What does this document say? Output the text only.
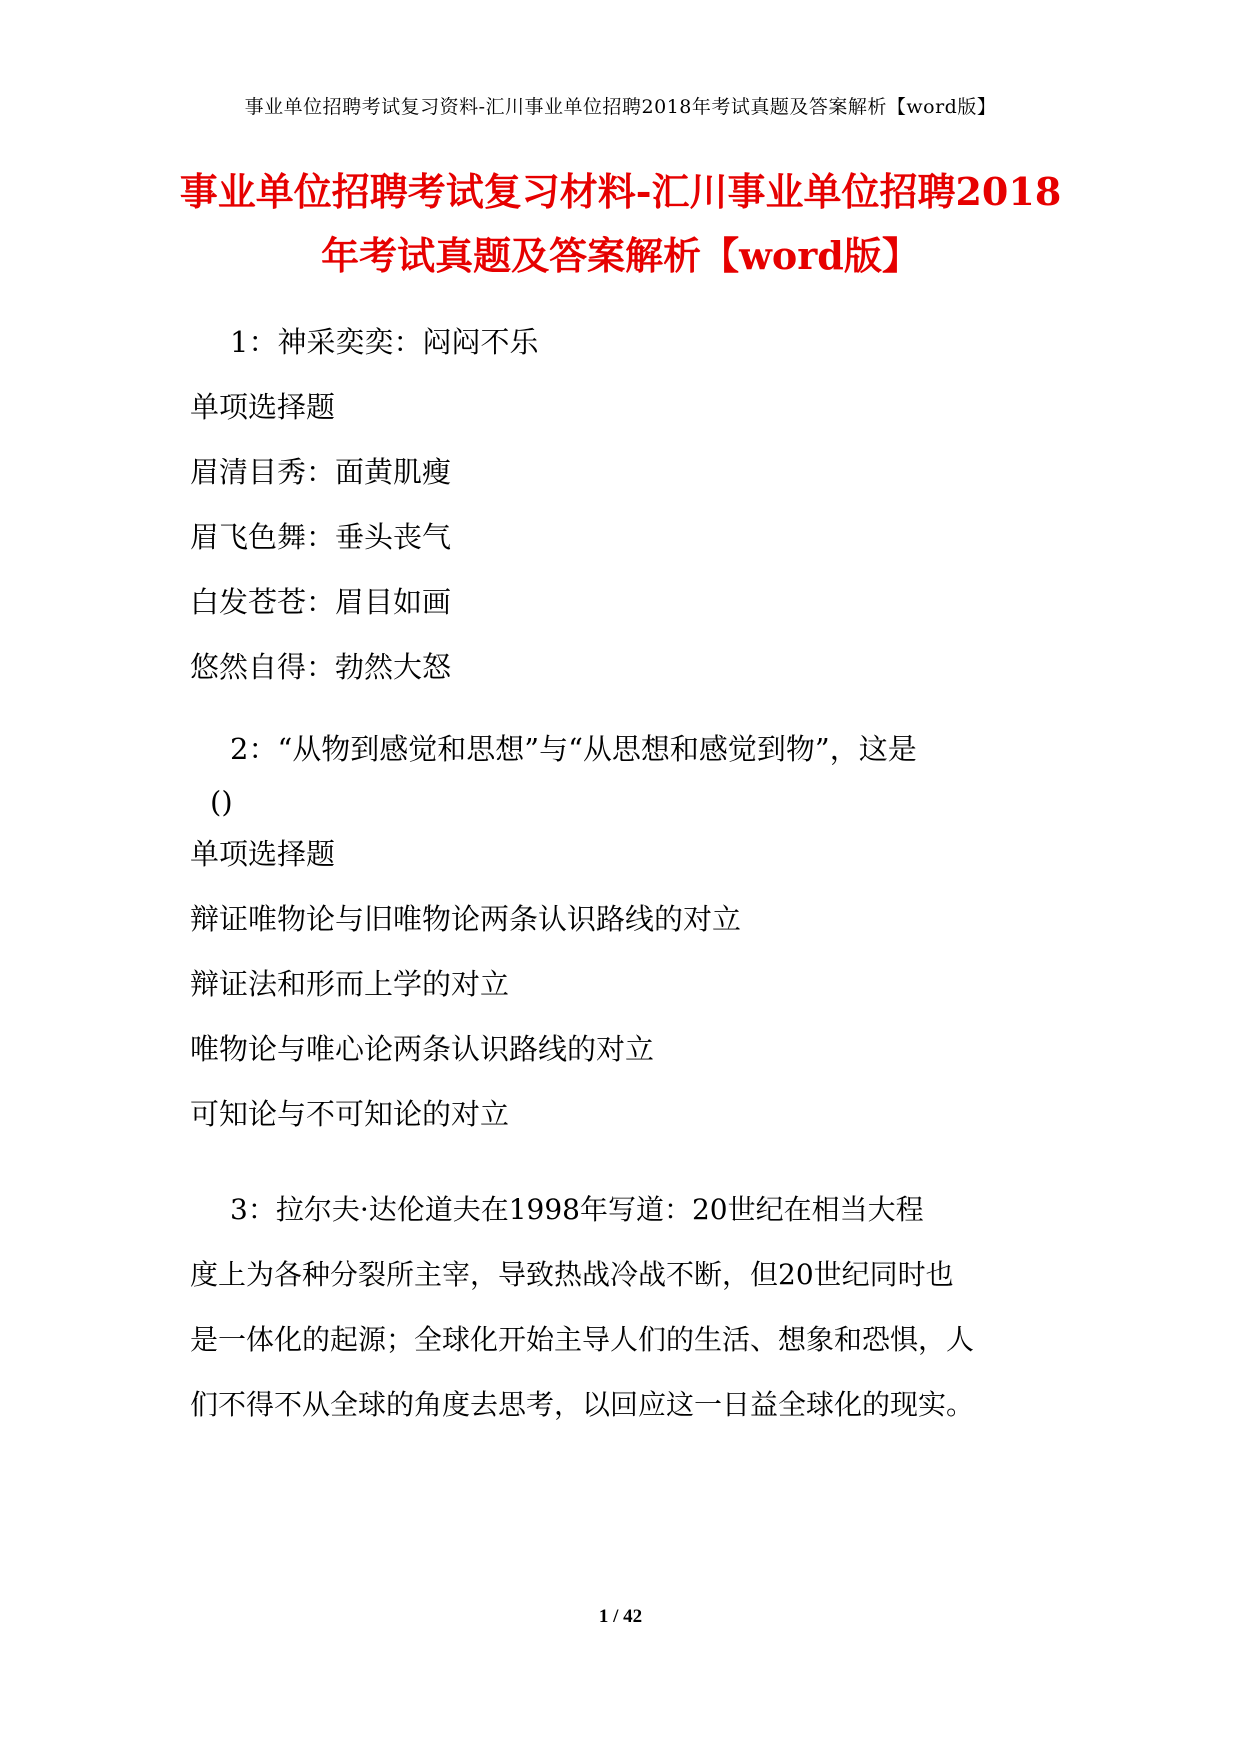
事业单位招聘考试复习资料-汇川事业单位招聘2018年考试真题及答案解析【word版】
事业单位招聘考试复习材料-汇川事业单位招聘2018
年考试真题及答案解析【word版】
1：神采奕奕：闷闷不乐
单项选择题
眉清目秀：面黄肌瘦
眉飞色舞：垂头丧气
白发苍苍：眉目如画
悠然自得：勃然大怒
2：“从物到感觉和思想”与“从思想和感觉到物”，这是
()
单项选择题
辩证唯物论与旧唯物论两条认识路线的对立
辩证法和形而上学的对立
唯物论与唯心论两条认识路线的对立
可知论与不可知论的对立
3：拉尔夫·达伦道夫在1998年写道：20世纪在相当大程
度上为各种分裂所主宰，导致热战冷战不断，但20世纪同时也
是一体化的起源；全球化开始主导人们的生活、想象和恐惧，人
们不得不从全球的角度去思考，以回应这一日益全球化的现实。
1 / 42
